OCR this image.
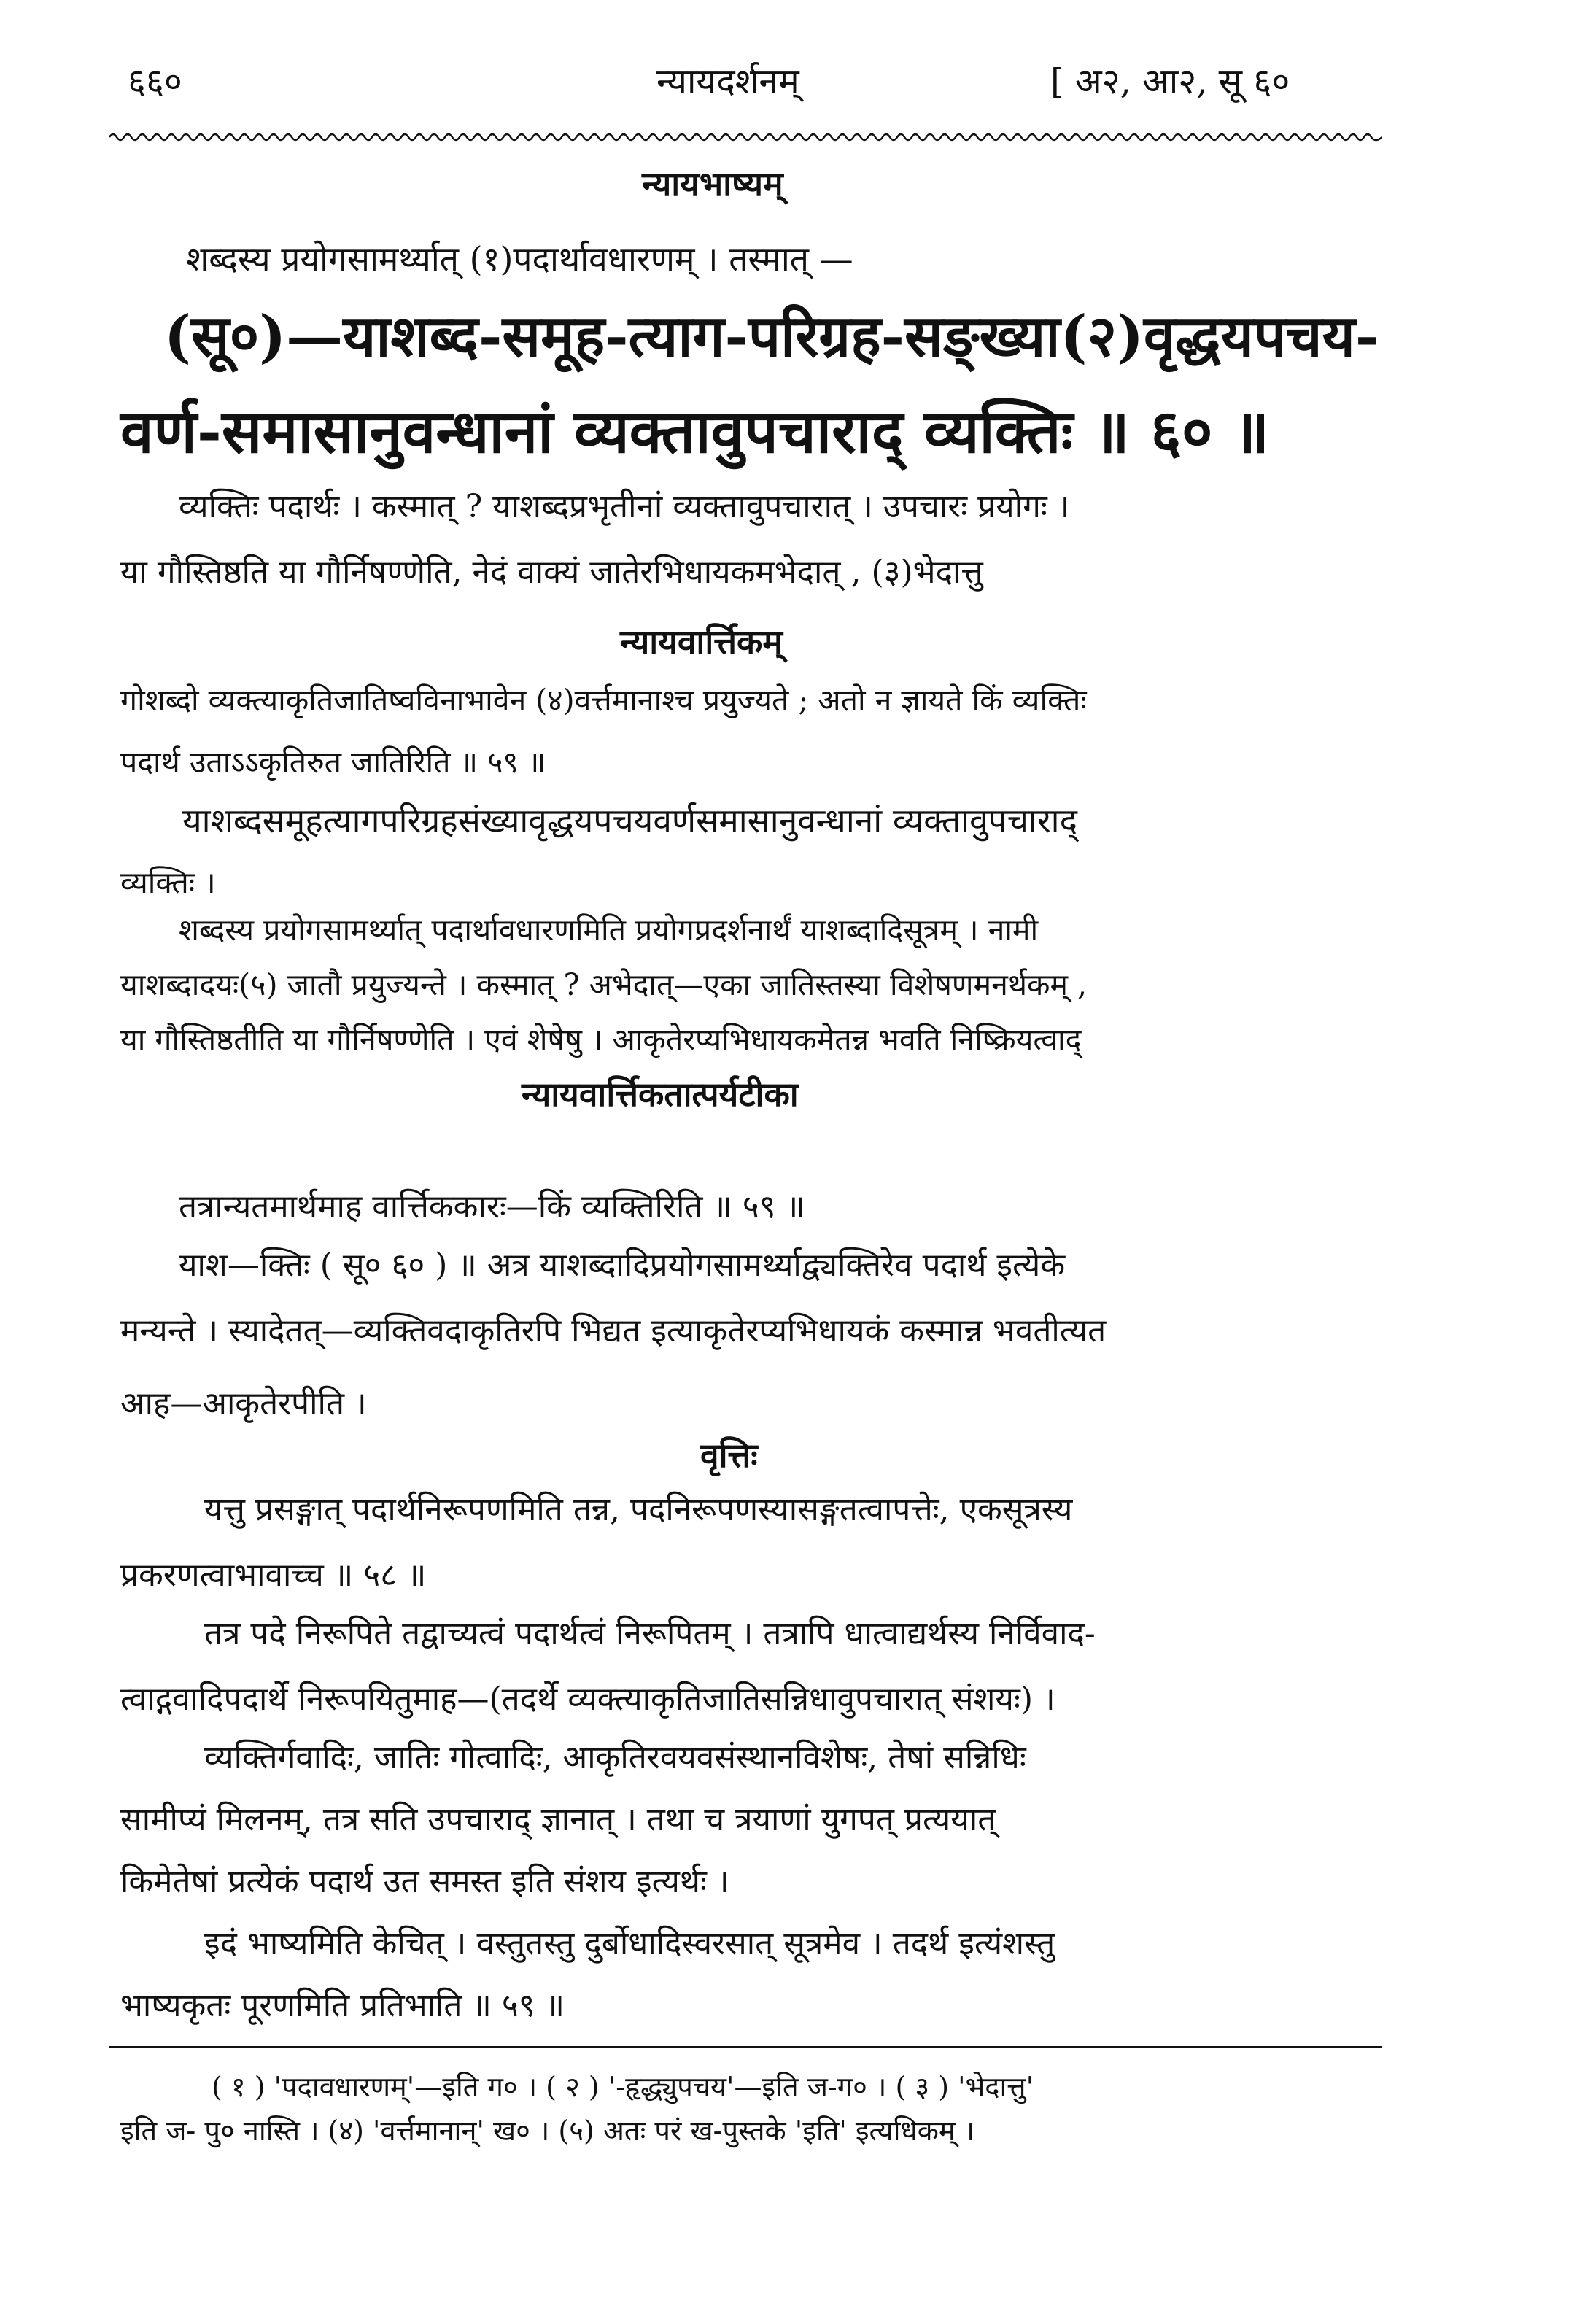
६६०	न्यायदर्शनम्	[ अ२, आ२, सू ६०
न्यायभाष्यम्
शब्दस्य प्रयोगसामर्थ्यात् (१)पदार्थावधारणम् । तस्मात् —
(सू०)—याशब्द-समूह-त्याग-परिग्रह-सङ्ख्या(२)वृद्धयपचय-
वर्ण-समासानुवन्धानां व्यक्तावुपचाराद् व्यक्तिः ॥ ६० ॥
व्यक्तिः पदार्थः । कस्मात् ? याशब्दप्रभृतीनां व्यक्तावुपचारात् । उपचारः प्रयोगः ।
या गौस्तिष्ठति या गौर्निषण्णेति, नेदं वाक्यं जातेरभिधायकमभेदात् , (३)भेदात्तु
न्यायवार्त्तिकम्
गोशब्दो व्यक्त्याकृतिजातिष्वविनाभावेन (४)वर्त्तमानाश्च प्रयुज्यते ; अतो न ज्ञायते किं व्यक्तिः
पदार्थ उताऽऽकृतिरुत जातिरिति ॥ ५९ ॥
याशब्दसमूहत्यागपरिग्रहसंख्यावृद्धयपचयवर्णसमासानुवन्धानां व्यक्तावुपचाराद्
व्यक्तिः ।
शब्दस्य प्रयोगसामर्थ्यात् पदार्थावधारणमिति प्रयोगप्रदर्शनार्थं याशब्दादिसूत्रम् । नामी
याशब्दादयः(५) जातौ प्रयुज्यन्ते । कस्मात् ? अभेदात्—एका जातिस्तस्या विशेषणमनर्थकम् ,
या गौस्तिष्ठतीति या गौर्निषण्णेति । एवं शेषेषु । आकृतेरप्यभिधायकमेतन्न भवति निष्क्रियत्वाद्
न्यायवार्त्तिकतात्पर्यटीका
तत्रान्यतमार्थमाह वार्त्तिककारः—किं व्यक्तिरिति ॥ ५९ ॥
याश—क्तिः ( सू० ६० ) ॥ अत्र याशब्दादिप्रयोगसामर्थ्याद्व्यक्तिरेव पदार्थ इत्येके
मन्यन्ते । स्यादेतत्—व्यक्तिवदाकृतिरपि भिद्यत इत्याकृतेरप्यभिधायकं कस्मान्न भवतीत्यत
आह—आकृतेरपीति ।
वृत्तिः
यत्तु प्रसङ्गात् पदार्थनिरूपणमिति तन्न, पदनिरूपणस्यासङ्गतत्वापत्तेः, एकसूत्रस्य
प्रकरणत्वाभावाच्च ॥ ५८ ॥
तत्र पदे निरूपिते तद्वाच्यत्वं पदार्थत्वं निरूपितम् । तत्रापि धात्वाद्यर्थस्य निर्विवाद-
त्वाद्गवादिपदार्थे निरूपयितुमाह—(तदर्थे व्यक्त्याकृतिजातिसन्निधावुपचारात् संशयः) ।
व्यक्तिर्गवादिः, जातिः गोत्वादिः, आकृतिरवयवसंस्थानविशेषः, तेषां सन्निधिः
सामीप्यं मिलनम्, तत्र सति उपचाराद् ज्ञानात् । तथा च त्रयाणां युगपत् प्रत्ययात्
किमेतेषां प्रत्येकं पदार्थ उत समस्त इति संशय इत्यर्थः ।
इदं भाष्यमिति केचित् । वस्तुतस्तु दुर्बोधादिस्वरसात् सूत्रमेव । तदर्थ इत्यंशस्तु
भाष्यकृतः पूरणमिति प्रतिभाति ॥ ५९ ॥
( १ ) 'पदावधारणम्'—इति ग० । ( २ ) '-हृद्ध्युपचय'—इति ज-ग० । ( ३ ) 'भेदात्तु'
इति ज- पु० नास्ति । (४) 'वर्त्तमानान्' ख० । (५) अतः परं ख-पुस्तके 'इति' इत्यधिकम् ।
